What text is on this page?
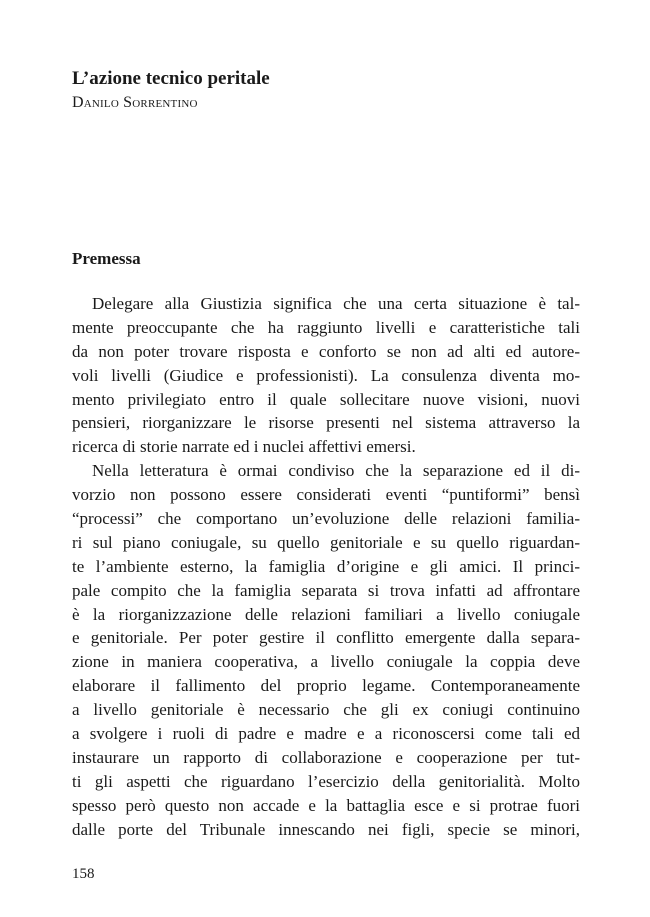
L’azione tecnico peritale
Danilo Sorrentino
Premessa
Delegare alla Giustizia significa che una certa situazione è tal-
mente preoccupante che ha raggiunto livelli e caratteristiche tali
da non poter trovare risposta e conforto se non ad alti ed autore-
voli livelli (Giudice e professionisti). La consulenza diventa mo-
mento privilegiato entro il quale sollecitare nuove visioni, nuovi
pensieri, riorganizzare le risorse presenti nel sistema attraverso la
ricerca di storie narrate ed i nuclei affettivi emersi.
Nella letteratura è ormai condiviso che la separazione ed il di-
vorzio non possono essere considerati eventi “puntiformi” bensì
“processi” che comportano un’evoluzione delle relazioni familia-
ri sul piano coniugale, su quello genitoriale e su quello riguardan-
te l’ambiente esterno, la famiglia d’origine e gli amici. Il princi-
pale compito che la famiglia separata si trova infatti ad affrontare
è la riorganizzazione delle relazioni familiari a livello coniugale
e genitoriale. Per poter gestire il conflitto emergente dalla separa-
zione in maniera cooperativa, a livello coniugale la coppia deve
elaborare il fallimento del proprio legame. Contemporaneamente
a livello genitoriale è necessario che gli ex coniugi continuino
a svolgere i ruoli di padre e madre e a riconoscersi come tali ed
instaurare un rapporto di collaborazione e cooperazione per tut-
ti gli aspetti che riguardano l’esercizio della genitorialità. Molto
spesso però questo non accade e la battaglia esce e si protrae fuori
dalle porte del Tribunale innescando nei figli, specie se minori,
158
